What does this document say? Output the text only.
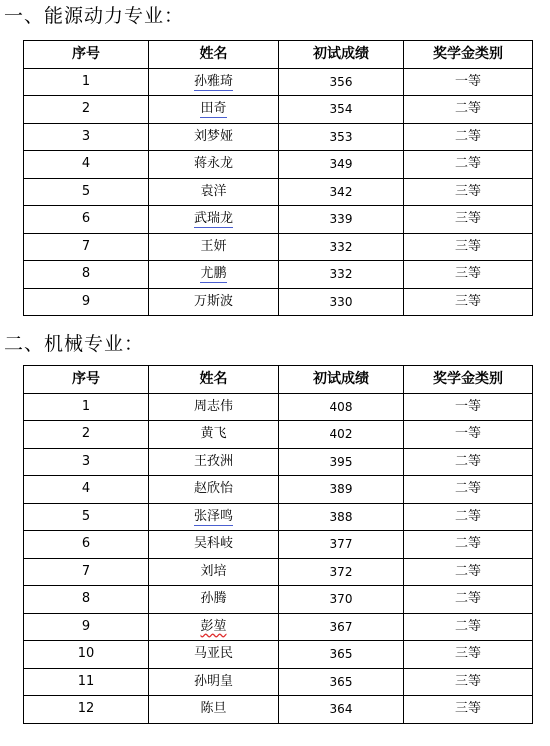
一、能源动力专业：
序号	姓名	初试成绩	奖学金类别
1	孙雅琦	356	一等
2	田奇	354	二等
3	刘梦娅	353	二等
4	蒋永龙	349	二等
5	袁洋	342	三等
6	武瑞龙	339	三等
7	王妍	332	三等
8	尤鹏	332	三等
9	万斯波	330	三等
二、机械专业：
序号	姓名	初试成绩	奖学金类别
1	周志伟	408	一等
2	黄飞	402	一等
3	王孜洲	395	二等
4	赵欣怡	389	二等
5	张泽鸣	388	二等
6	吴科岐	377	二等
7	刘培	372	二等
8	孙腾	370	二等
9	彭堃	367	二等
10	马亚民	365	三等
11	孙明皇	365	三等
12	陈旦	364	三等
